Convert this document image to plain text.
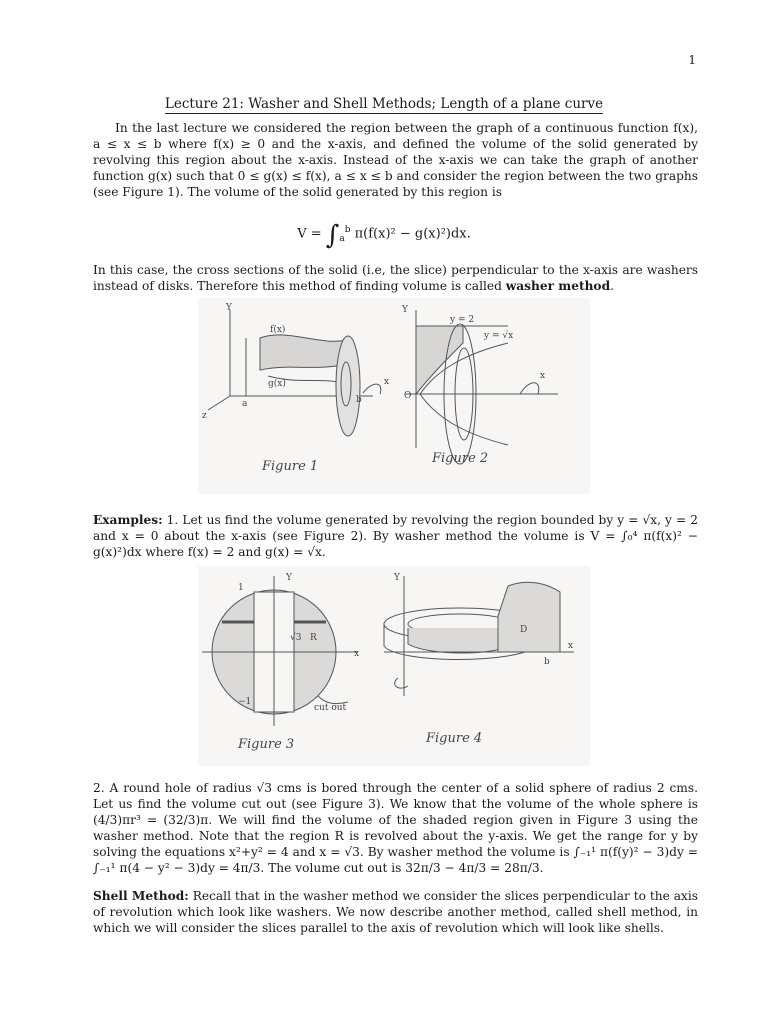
1
Lecture 21: Washer and Shell Methods; Length of a plane curve
In the last lecture we considered the region between the graph of a continuous function f(x), a ≤ x ≤ b where f(x) ≥ 0 and the x-axis, and defined the volume of the solid generated by revolving this region about the x-axis. Instead of the x-axis we can take the graph of another function g(x) such that 0 ≤ g(x) ≤ f(x), a ≤ x ≤ b and consider the region between the two graphs (see Figure 1). The volume of the solid generated by this region is
$V = \int_a^b$ π(f(x)² − g(x)²)dx.
In this case, the cross sections of the solid (i.e, the slice) perpendicular to the x-axis are washers instead of disks. Therefore this method of finding volume is called washer method.
Y
f(x)
g(x)
a	b
z
x
Y
y = 2
y = √x
O
x
Figure 1
Figure 2
Examples: 1. Let us find the volume generated by revolving the region bounded by y = √x, y = 2 and x = 0 about the x-axis (see Figure 2). By washer method the volume is V = ∫₀⁴ π(f(x)² − g(x)²)dx where f(x) = 2 and g(x) = √x.
1
−1
Y
x
√3 R
cut out
Y
D
b
x
Figure 3	Figure 4
2. A round hole of radius √3 cms is bored through the center of a solid sphere of radius 2 cms. Let us find the volume cut out (see Figure 3). We know that the volume of the whole sphere is (4/3)πr³ = (32/3)π. We will find the volume of the shaded region given in Figure 3 using the washer method. Note that the region R is revolved about the y-axis. We get the range for y by solving the equations x²+y² = 4 and x = √3. By washer method the volume is ∫₋₁¹ π(f(y)² − 3)dy = ∫₋₁¹ π(4 − y² − 3)dy = 4π/3. The volume cut out is 32π/3 − 4π/3 = 28π/3.
Shell Method: Recall that in the washer method we consider the slices perpendicular to the axis of revolution which look like washers. We now describe another method, called shell method, in which we will consider the slices parallel to the axis of revolution which will look like shells.
